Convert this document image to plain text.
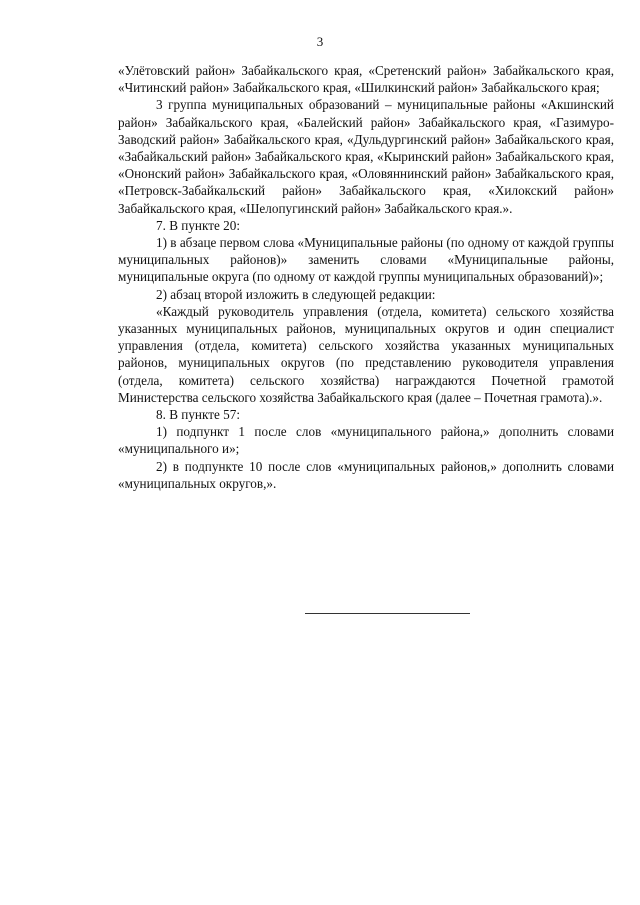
3

«Улётовский район» Забайкальского края, «Сретенский район» Забайкальского края, «Читинский район» Забайкальского края, «Шилкинский район» Забайкальского края;

3 группа муниципальных образований – муниципальные районы «Акшинский район» Забайкальского края, «Балейский район» Забайкальского края, «Газимуро-Заводский район» Забайкальского края, «Дульдургинский район» Забайкальского края, «Забайкальский район» Забайкальского края, «Кыринский район» Забайкальского края, «Ононский район» Забайкальского края, «Оловяннинский район» Забайкальского края, «Петровск-Забайкальский район» Забайкальского края, «Хилокский район» Забайкальского края, «Шелопугинский район» Забайкальского края.».

7. В пункте 20:

1) в абзаце первом слова «Муниципальные районы (по одному от каждой группы муниципальных районов)» заменить словами «Муниципальные районы, муниципальные округа (по одному от каждой группы муниципальных образований)»;

2) абзац второй изложить в следующей редакции:

«Каждый руководитель управления (отдела, комитета) сельского хозяйства указанных муниципальных районов, муниципальных округов и один специалист управления (отдела, комитета) сельского хозяйства указанных муниципальных районов, муниципальных округов (по представлению руководителя управления (отдела, комитета) сельского хозяйства) награждаются Почетной грамотой Министерства сельского хозяйства Забайкальского края (далее – Почетная грамота).».

8. В пункте 57:

1) подпункт 1 после слов «муниципального района,» дополнить словами «муниципального и»;

2) в подпункте 10 после слов «муниципальных районов,» дополнить словами «муниципальных округов,».
